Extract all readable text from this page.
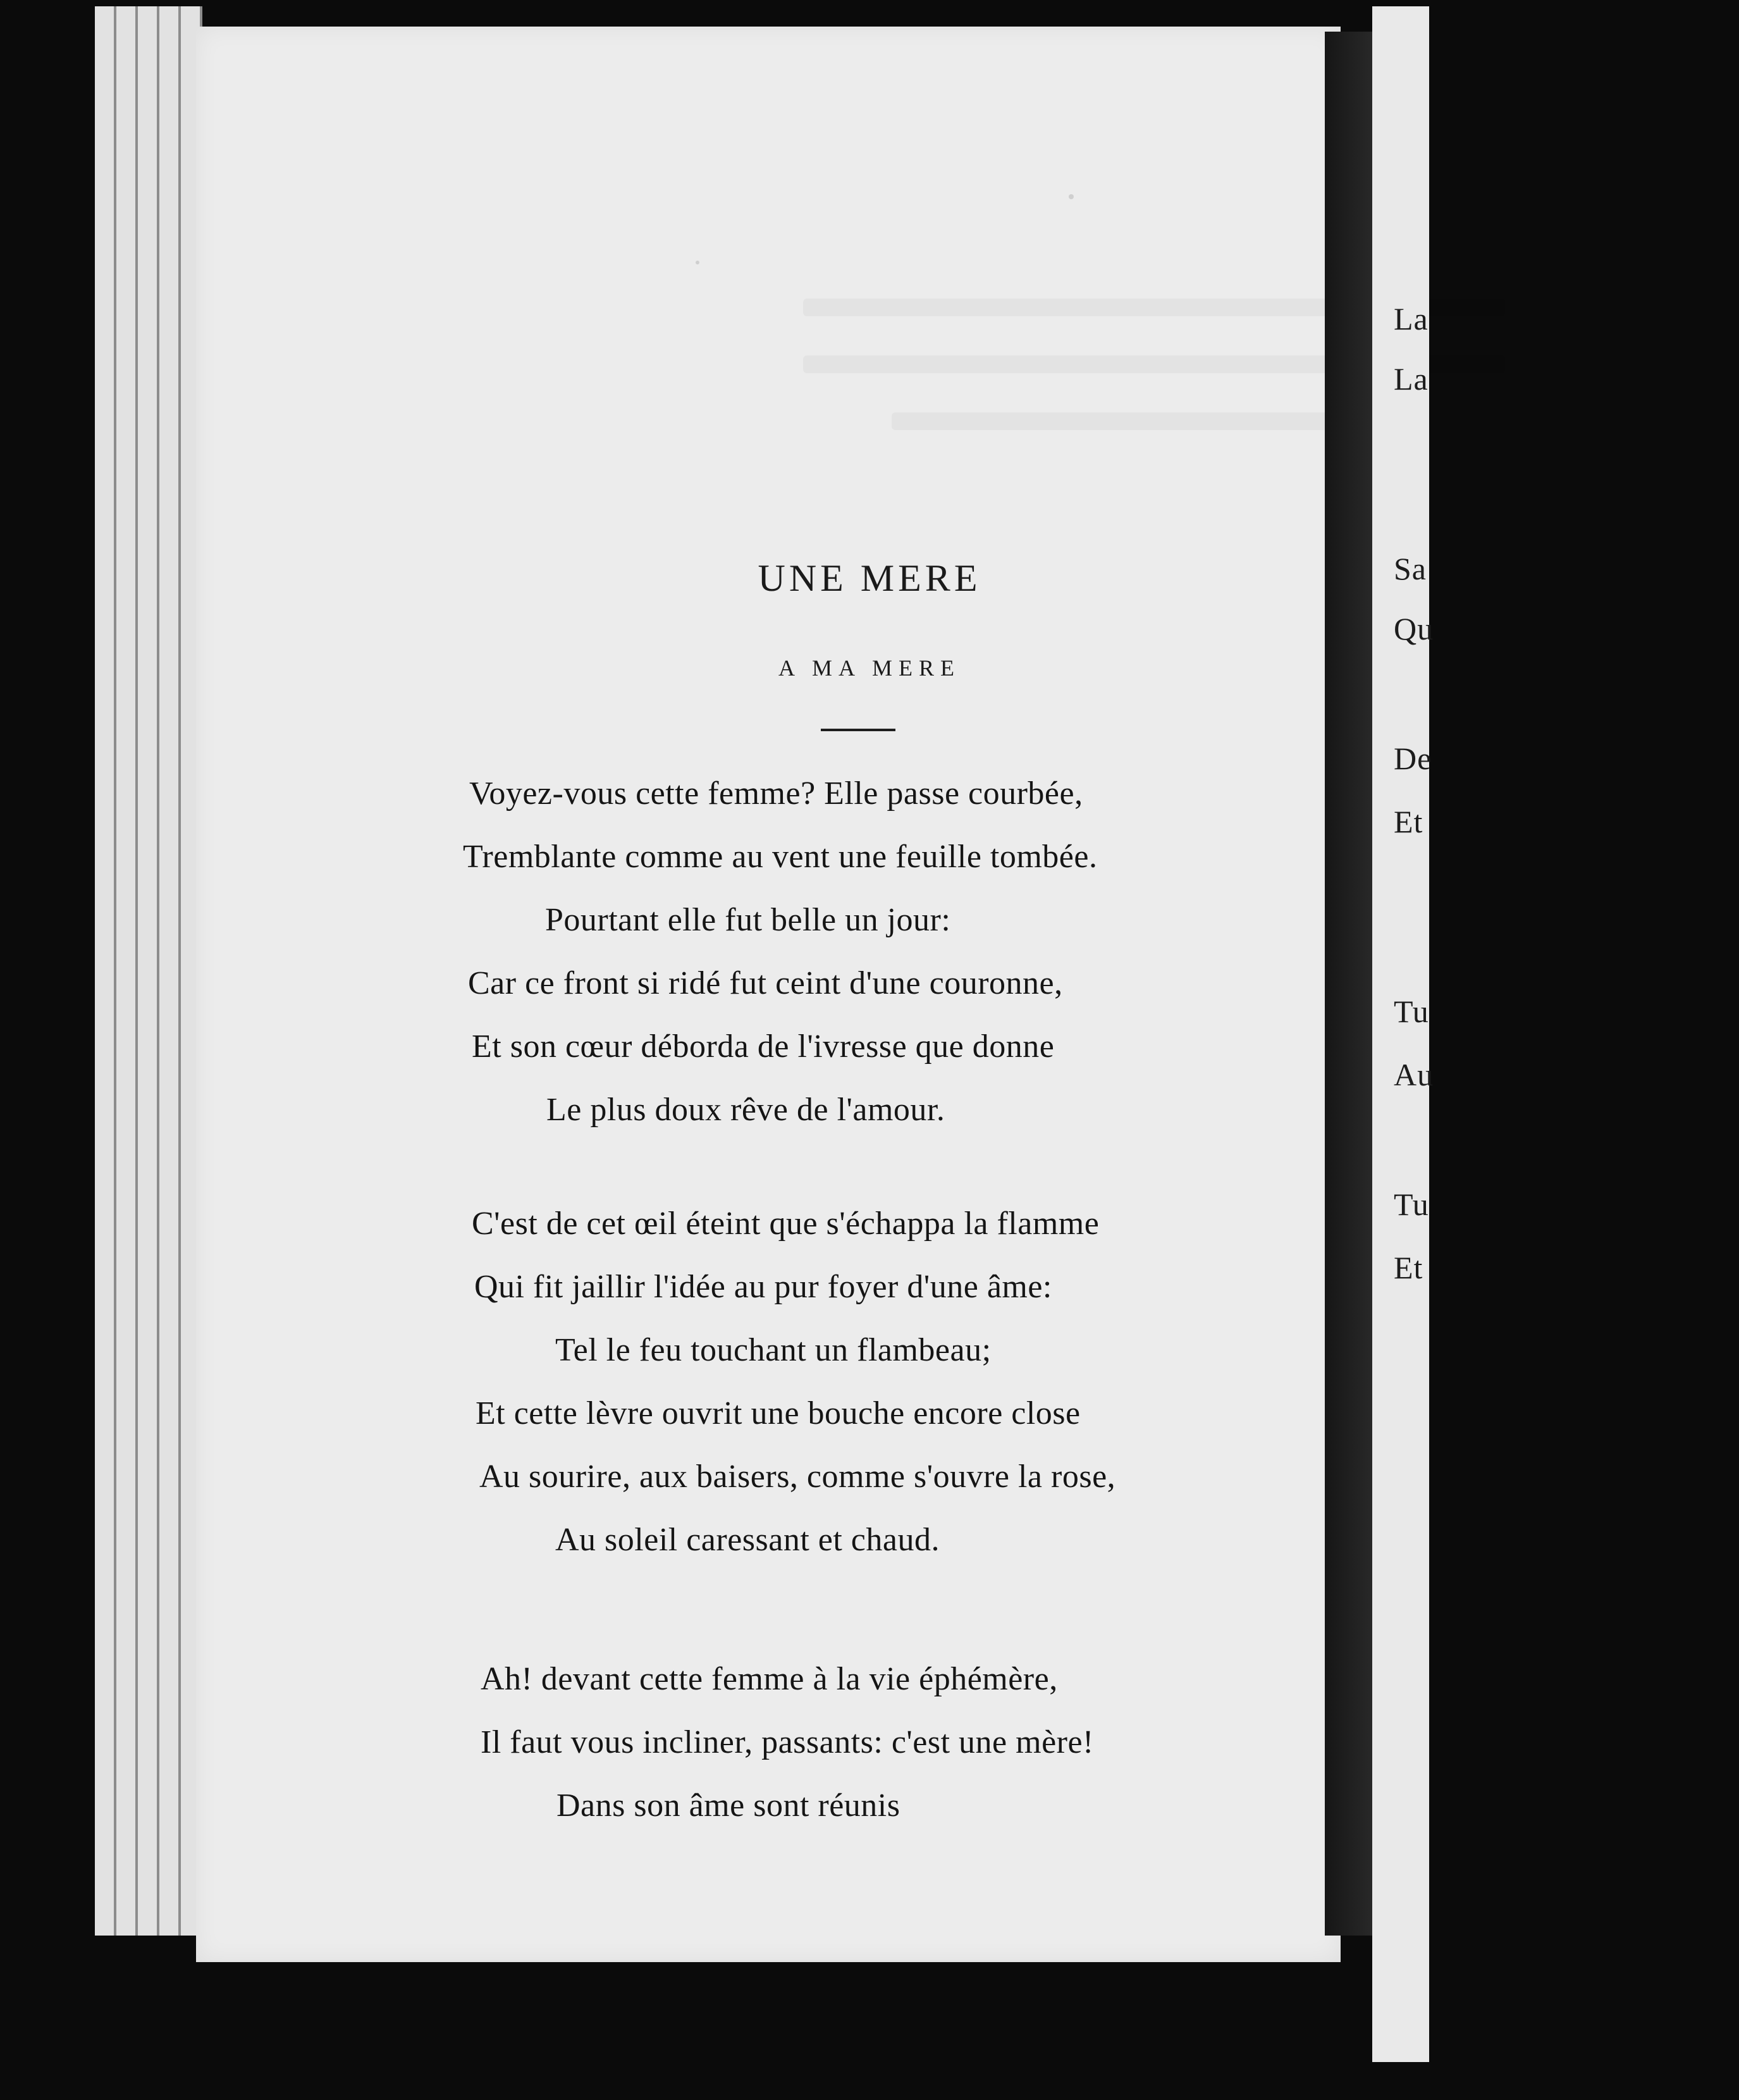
UNE MERE
A MA MERE
Voyez-vous cette femme? Elle passe courbée,
Tremblante comme au vent une feuille tombée.
Pourtant elle fut belle un jour:
Car ce front si ridé fut ceint d'une couronne,
Et son cœur déborda de l'ivresse que donne
Le plus doux rêve de l'amour.
C'est de cet œil éteint que s'échappa la flamme
Qui fit jaillir l'idée au pur foyer d'une âme:
Tel le feu touchant un flambeau;
Et cette lèvre ouvrit une bouche encore close
Au sourire, aux baisers, comme s'ouvre la rose,
Au soleil caressant et chaud.
Ah! devant cette femme à la vie éphémère,
Il faut vous incliner, passants: c'est une mère!
Dans son âme sont réunis
La
La
Sa
Qu
De
Et
Tu
Au
Tu
Et
